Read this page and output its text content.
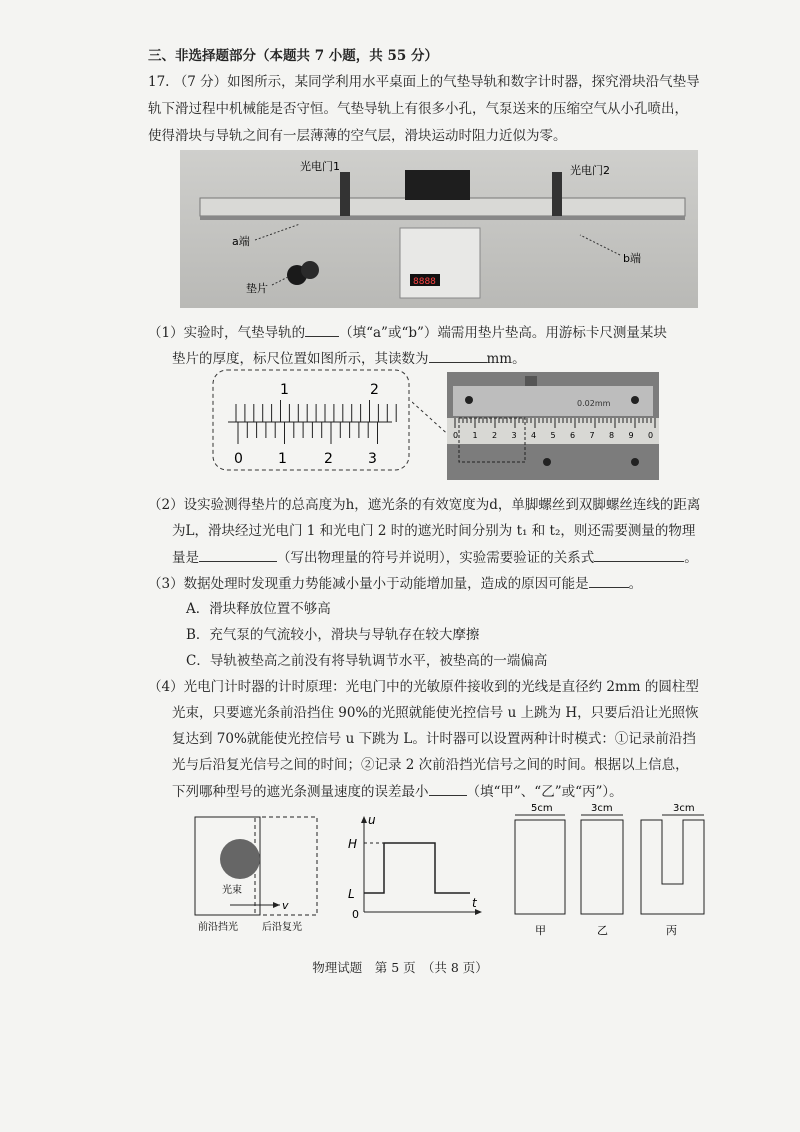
三、非选择题部分（本题共 7 小题，共 55 分）
17. （7 分）如图所示，某同学利用水平桌面上的气垫导轨和数字计时器，探究滑块沿气垫导
轨下滑过程中机械能是否守恒。气垫导轨上有很多小孔，气泵送来的压缩空气从小孔喷出，
使得滑块与导轨之间有一层薄薄的空气层，滑块运动时阻力近似为零。
8888
光电门1	光电门2
a端
b端
垫片
（1）实验时，气垫导轨的	（填“a”或“b”）端需用垫片垫高。用游标卡尺测量某块
垫片的厚度，标尺位置如图所示，其读数为	mm。
1	2
0	1	2	3
0.02mm
0 1 2 3 4 5 6 7 8 9 0
（2）设实验测得垫片的总高度为h，遮光条的有效宽度为d，单脚螺丝到双脚螺丝连线的距离
为L，滑块经过光电门 1 和光电门 2 时的遮光时间分别为 t₁ 和 t₂，则还需要测量的物理
量是	（写出物理量的符号并说明），实验需要验证的关系式	。
（3）数据处理时发现重力势能减小量小于动能增加量，造成的原因可能是	。
A．滑块释放位置不够高
B．充气泵的气流较小，滑块与导轨存在较大摩擦
C．导轨被垫高之前没有将导轨调节水平，被垫高的一端偏高
（4）光电门计时器的计时原理：光电门中的光敏原件接收到的光线是直径约 2mm 的圆柱型
光束，只要遮光条前沿挡住 90%的光照就能使光控信号 u 上跳为 H，只要后沿让光照恢
复达到 70%就能使光控信号 u 下跳为 L。计时器可以设置两种计时模式：①记录前沿挡
光与后沿复光信号之间的时间；②记录 2 次前沿挡光信号之间的时间。根据以上信息，
下列哪种型号的遮光条测量速度的误差最小	（填“甲”、“乙”或“丙”）。
光束
v
前沿挡光 后沿复光
u
H
L
0
t
5cm	3cm	3cm
甲	乙	丙
物理试题　第 5 页　（共 8 页）
